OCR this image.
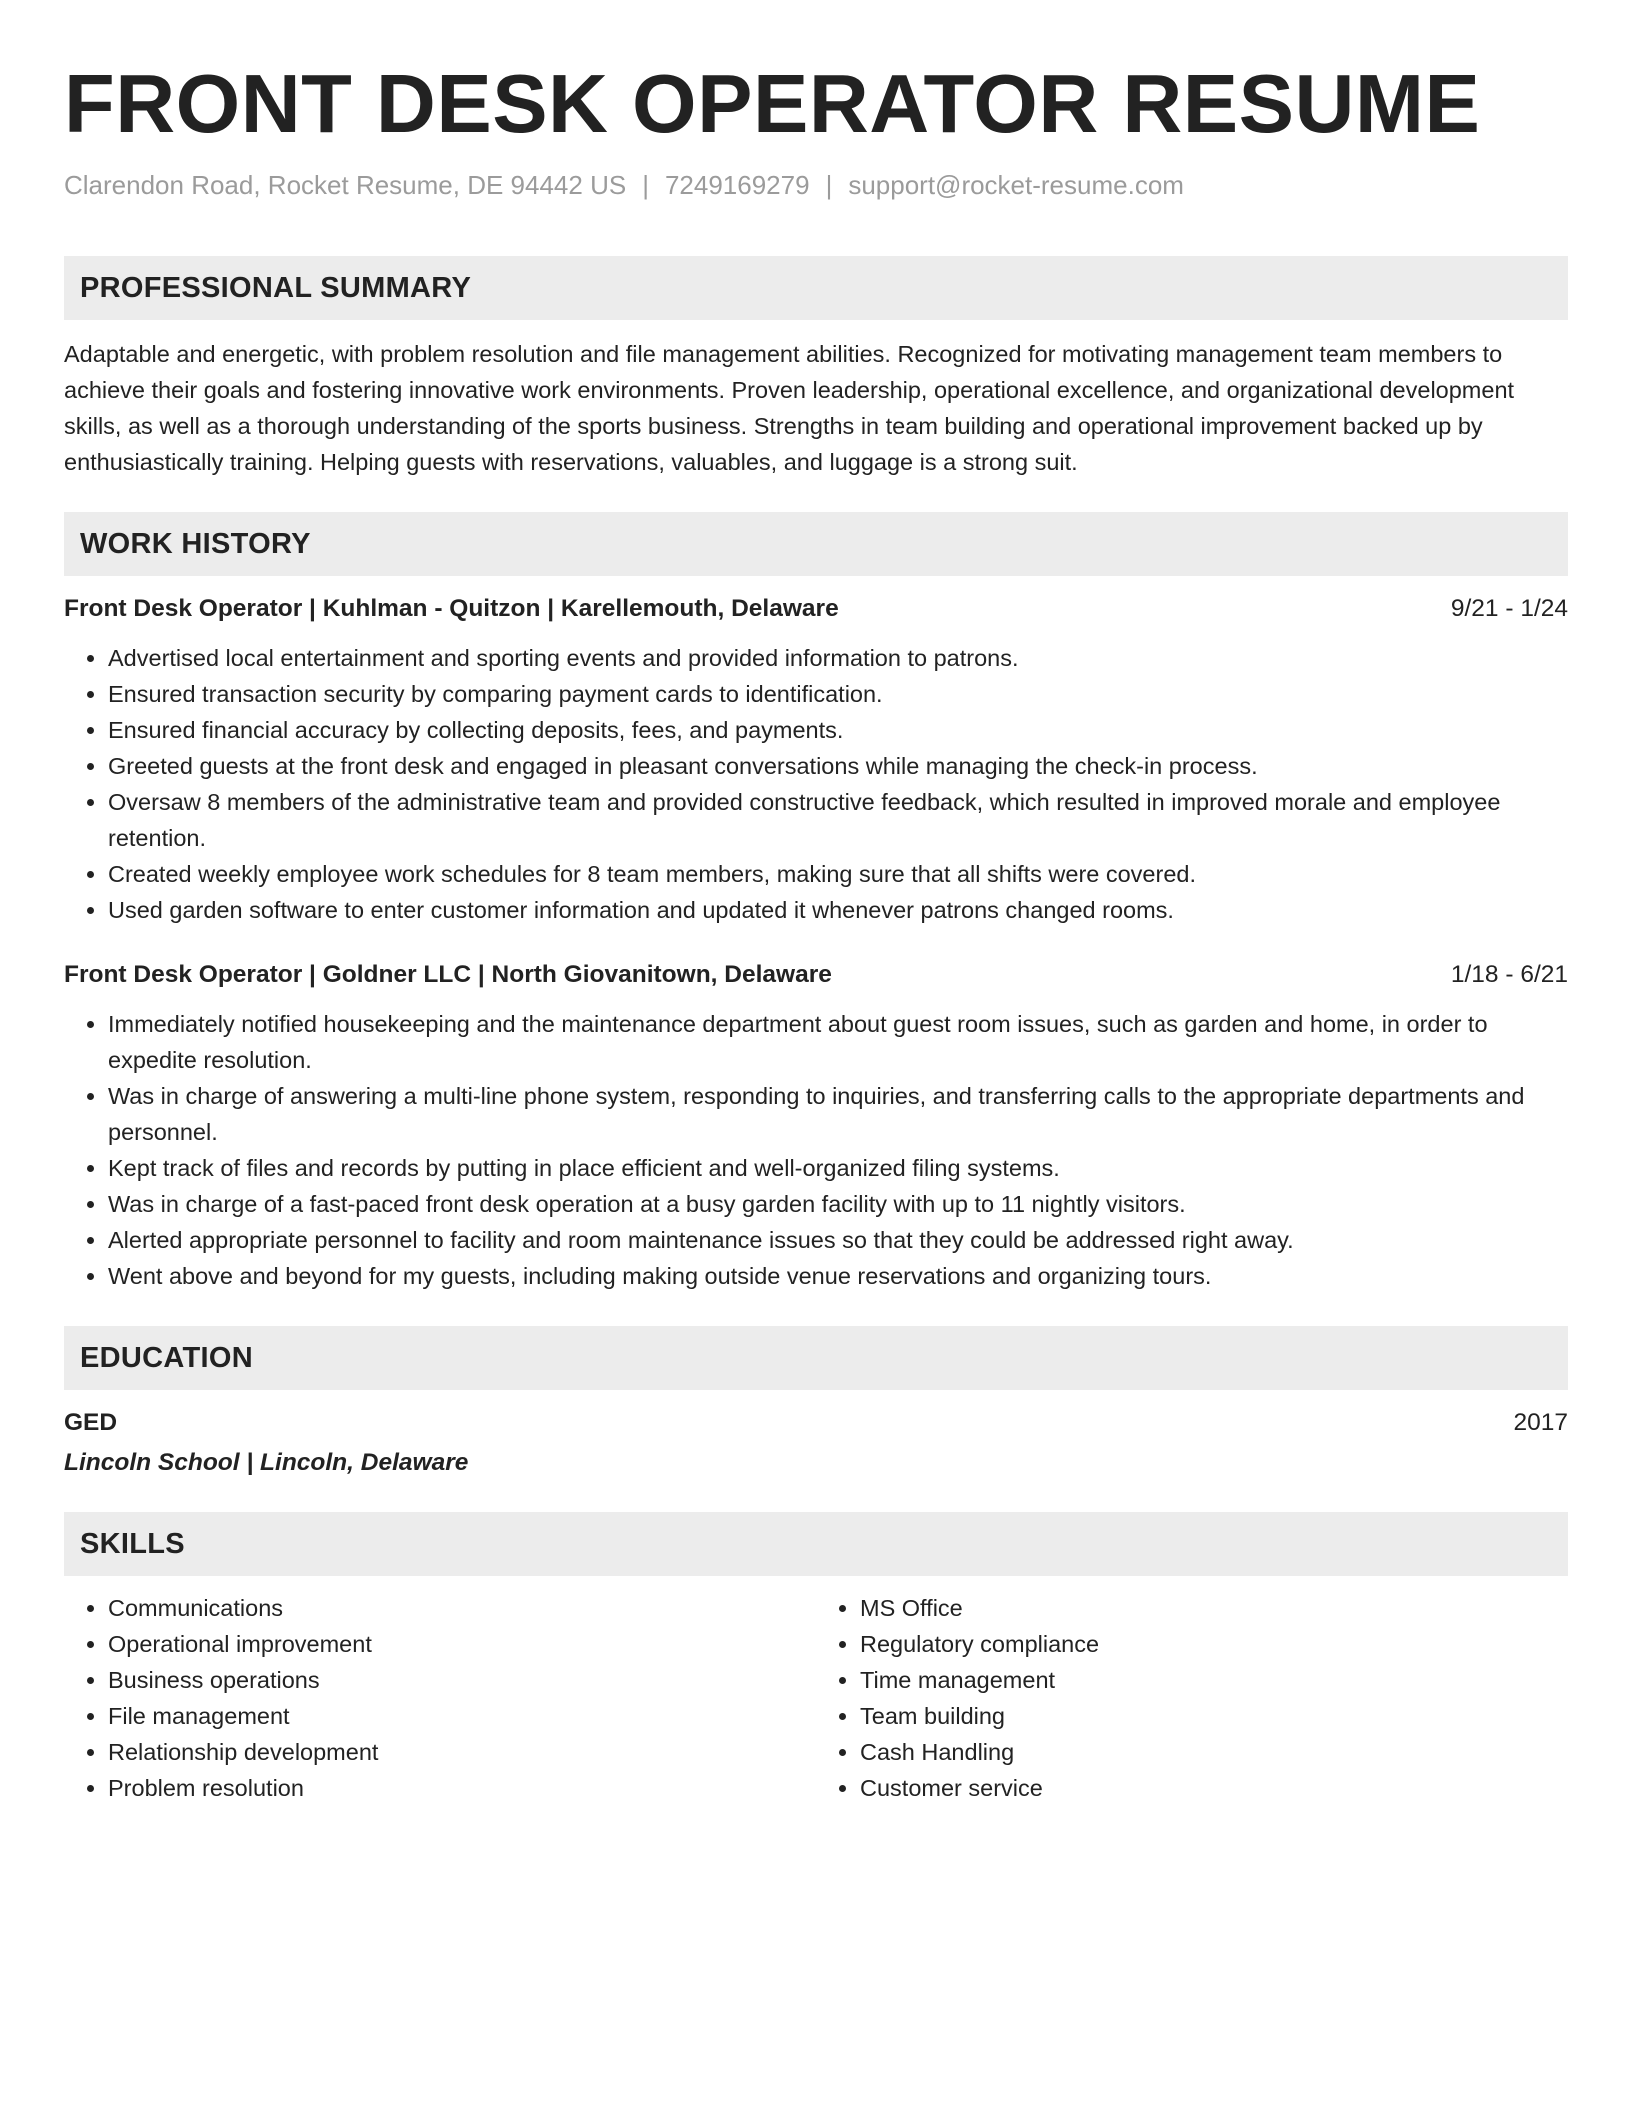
FRONT DESK OPERATOR RESUME
Clarendon Road, Rocket Resume, DE 94442 US | 7249169279 | support@rocket-resume.com
PROFESSIONAL SUMMARY
Adaptable and energetic, with problem resolution and file management abilities. Recognized for motivating management team members to achieve their goals and fostering innovative work environments. Proven leadership, operational excellence, and organizational development skills, as well as a thorough understanding of the sports business. Strengths in team building and operational improvement backed up by enthusiastically training. Helping guests with reservations, valuables, and luggage is a strong suit.
WORK HISTORY
Front Desk Operator | Kuhlman - Quitzon | Karellemouth, Delaware	9/21 - 1/24
• Advertised local entertainment and sporting events and provided information to patrons.
• Ensured transaction security by comparing payment cards to identification.
• Ensured financial accuracy by collecting deposits, fees, and payments.
• Greeted guests at the front desk and engaged in pleasant conversations while managing the check-in process.
• Oversaw 8 members of the administrative team and provided constructive feedback, which resulted in improved morale and employee retention.
• Created weekly employee work schedules for 8 team members, making sure that all shifts were covered.
• Used garden software to enter customer information and updated it whenever patrons changed rooms.
Front Desk Operator | Goldner LLC | North Giovanitown, Delaware	1/18 - 6/21
• Immediately notified housekeeping and the maintenance department about guest room issues, such as garden and home, in order to expedite resolution.
• Was in charge of answering a multi-line phone system, responding to inquiries, and transferring calls to the appropriate departments and personnel.
• Kept track of files and records by putting in place efficient and well-organized filing systems.
• Was in charge of a fast-paced front desk operation at a busy garden facility with up to 11 nightly visitors.
• Alerted appropriate personnel to facility and room maintenance issues so that they could be addressed right away.
• Went above and beyond for my guests, including making outside venue reservations and organizing tours.
EDUCATION
GED	2017
Lincoln School | Lincoln, Delaware
SKILLS
• Communications
• Operational improvement
• Business operations
• File management
• Relationship development
• Problem resolution
• MS Office
• Regulatory compliance
• Time management
• Team building
• Cash Handling
• Customer service
